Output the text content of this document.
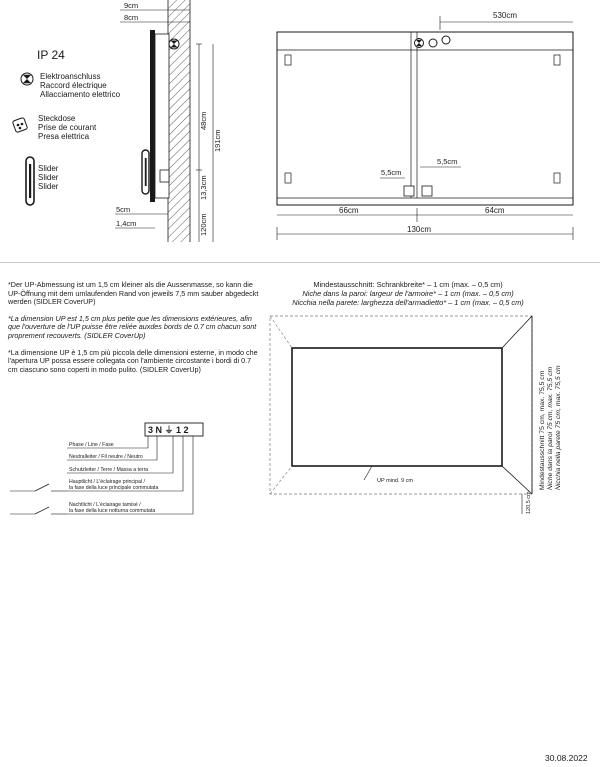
IP 24
Elektroanschluss
Raccord électrique
Allacciamento elettrico
Steckdose
Prise de courant
Presa elettrica
Slider
Slider
Slider
9cm
8cm
48cm
191cm
13,3cm
120cm
5cm
1,4cm
530cm
5,5cm
5,5cm
66cm	64cm
130cm

*Der UP-Abmessung ist um 1,5 cm kleiner als die Aussenmasse, so kann die UP-Öffnung mit dem umlaufenden Rand von jeweils 7,5 mm sauber abgedeckt werden (SIDLER CoverUP)

*La dimension UP est 1,5 cm plus petite que les dimensions extérieures, afin que l'ouverture de l'UP puisse être reliée auxdes bords de 0.7 cm chacun sont proprement recouverts. (SIDLER CoverUp)

*La dimensione UP è 1,5 cm più piccola delle dimensioni esterne, in modo che l'apertura UP possa essere collegata con l'ambiente circostante i bordi di 0.7 cm ciascuno sono coperti in modo pulito. (SIDLER CoverUp)

3 N ⏚ 1 2
Phase / Line / Fase
Neutralleiter / Fil neutre / Neutro
Schutzleiter / Terre / Massa a terra
Hauptlicht / L'éclairage principal /
la fase della luce principale commutata
Nachtlicht / L'éclairage tamisé /
la fase della luce notturna commutata
Mindestausschnitt: Schrankbreite* – 1 cm (max. – 0,5 cm)
Niche dans la paroi: largeur de l'armoire* – 1 cm (max. – 0,5 cm)
Nicchia nella parete: larghezza dell'armadietto* – 1 cm (max. – 0,5 cm)
UP mind. 9 cm
120,5 cm
Mindestausschnitt 75 cm, max. 75,5 cm Niche dans la paroi 75 cm, max. 75,5 cm Nicchia nella parete 75 cm, max. 75,5 cm
30.08.2022
